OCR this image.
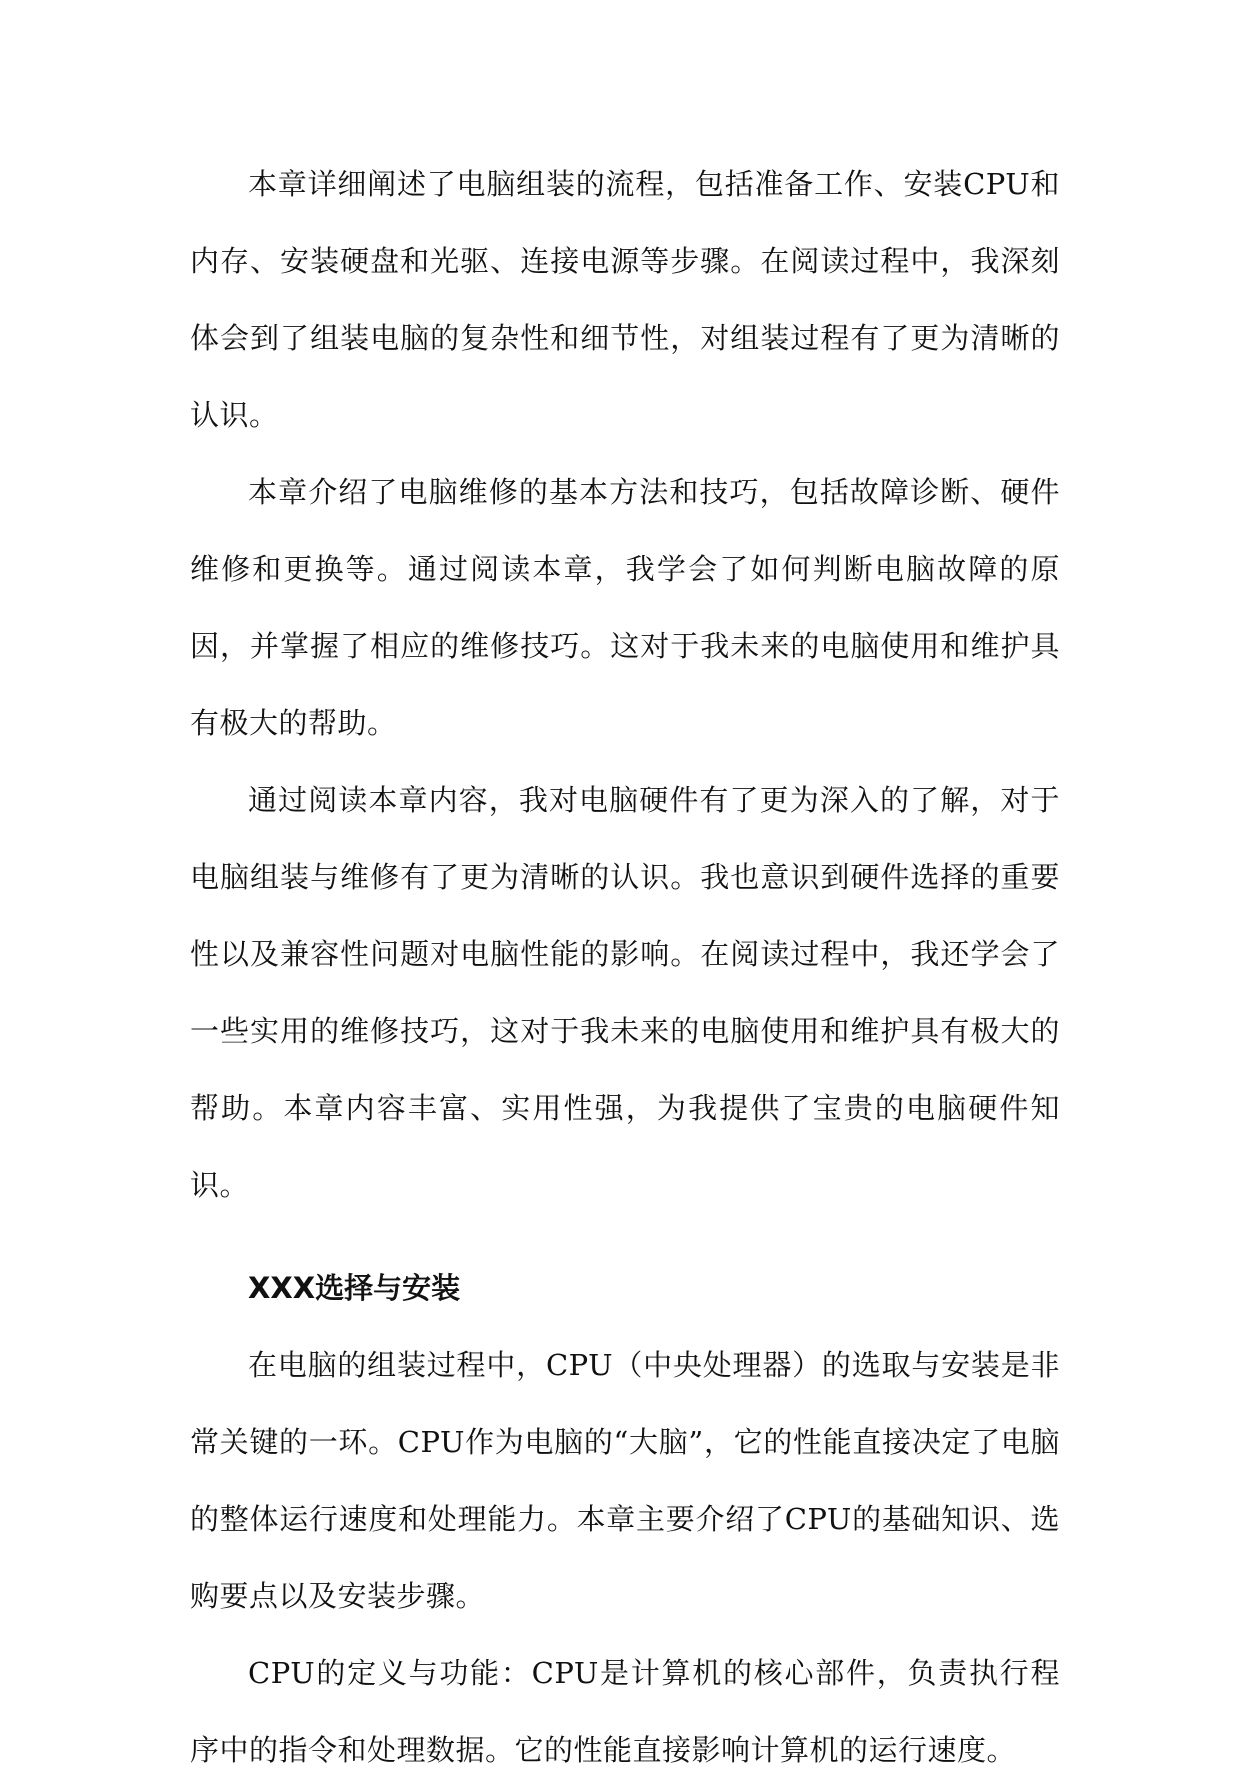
本章详细阐述了电脑组装的流程，包括准备工作、安装CPU和内存、安装硬盘和光驱、连接电源等步骤。在阅读过程中，我深刻体会到了组装电脑的复杂性和细节性，对组装过程有了更为清晰的认识。

本章介绍了电脑维修的基本方法和技巧，包括故障诊断、硬件维修和更换等。通过阅读本章，我学会了如何判断电脑故障的原因，并掌握了相应的维修技巧。这对于我未来的电脑使用和维护具有极大的帮助。

通过阅读本章内容，我对电脑硬件有了更为深入的了解，对于电脑组装与维修有了更为清晰的认识。我也意识到硬件选择的重要性以及兼容性问题对电脑性能的影响。在阅读过程中，我还学会了一些实用的维修技巧，这对于我未来的电脑使用和维护具有极大的帮助。本章内容丰富、实用性强，为我提供了宝贵的电脑硬件知识。

XXX选择与安装

在电脑的组装过程中，CPU（中央处理器）的选取与安装是非常关键的一环。CPU作为电脑的“大脑”，它的性能直接决定了电脑的整体运行速度和处理能力。本章主要介绍了CPU的基础知识、选购要点以及安装步骤。

CPU的定义与功能：CPU是计算机的核心部件，负责执行程序中的指令和处理数据。它的性能直接影响计算机的运行速度。
